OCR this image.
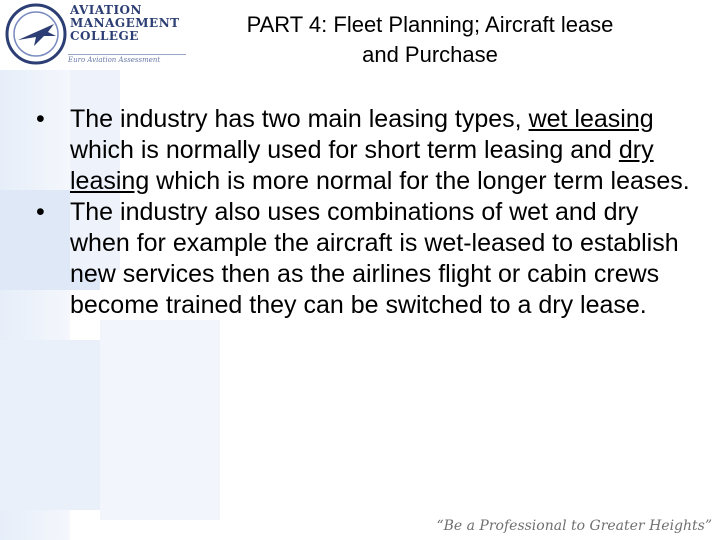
AVIATION
MANAGEMENT
COLLEGE
Euro Aviation Assessment
PART 4: Fleet Planning; Aircraft lease
and Purchase
• The industry has two main leasing types, wet leasing which is normally used for short term leasing and dry leasing which is more normal for the longer term leases.
• The industry also uses combinations of wet and dry when for example the aircraft is wet-leased to establish new services then as the airlines flight or cabin crews become trained they can be switched to a dry lease.
“Be a Professional to Greater Heights”
